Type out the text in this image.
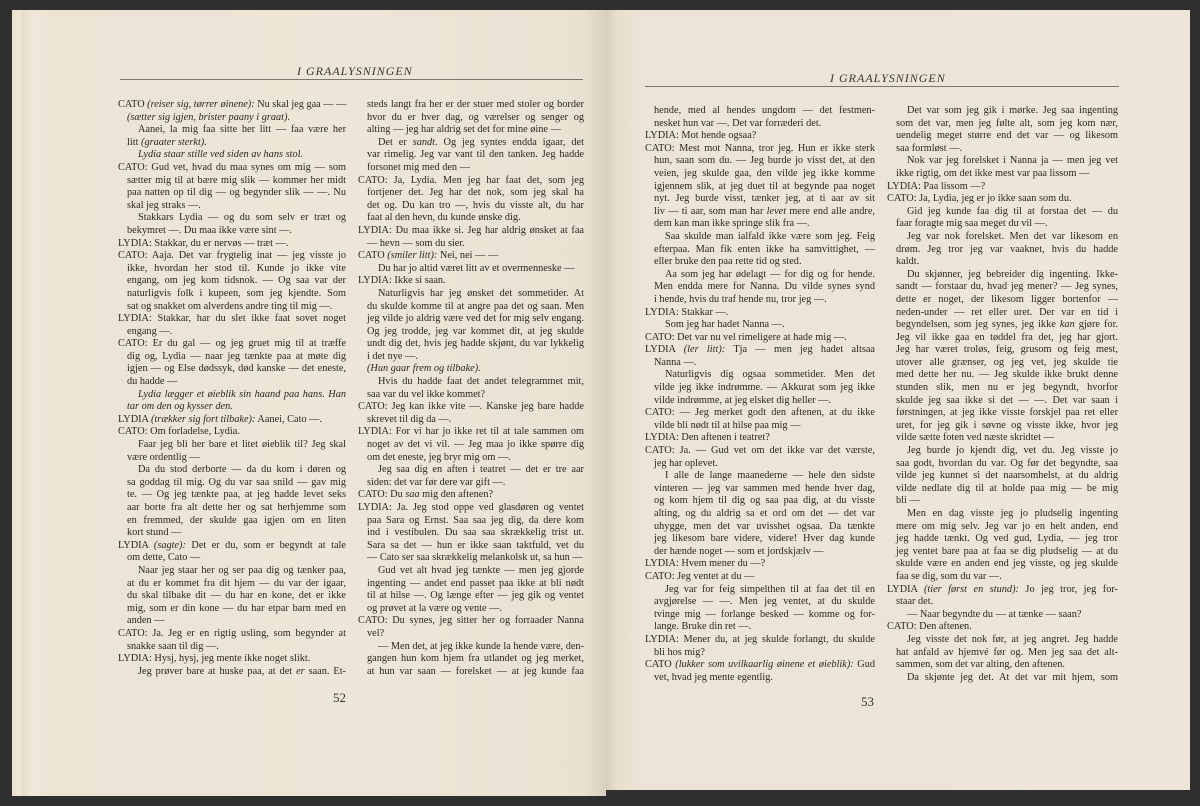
I GRAALYSNINGEN	I GRAALYSNINGEN
CATO (reiser sig, tørrer øinene): Nu skal jeg gaa — —
(sætter sig igjen, brister paany i graat).
Aanei, la mig faa sitte her litt — faa være her
litt (graater sterkt).
Lydia staar stille ved siden av hans stol.
CATO: Gud vet, hvad du maa synes om mig — som
sætter mig til at bære mig slik — kommer her midt
paa natten op til dig — og begynder slik — —. Nu
skal jeg straks —.
Stakkars Lydia — og du som selv er træt og
bekymret —. Du maa ikke være sint —.
LYDIA: Stakkar, du er nervøs — træt —.
CATO: Aaja. Det var frygtelig inat — jeg visste jo
ikke, hvordan her stod til. Kunde jo ikke vite
engang, om jeg kom tidsnok. — Og saa var der
naturligvis folk i kupeen, som jeg kjendte. Som
sat og snakket om alverdens andre ting til mig —.
LYDIA: Stakkar, har du slet ikke faat sovet noget
engang —.
CATO: Er du gal — og jeg gruet mig til at træffe
dig og, Lydia — naar jeg tænkte paa at møte dig
igjen — og Else dødssyk, død kanske — det eneste,
du hadde —
Lydia lægger et øieblik sin haand paa hans. Han
tar om den og kysser den.
LYDIA (trækker sig fort tilbake): Aanei, Cato —.
CATO: Om forladelse, Lydia.
Faar jeg bli her bare et litet øieblik til? Jeg skal
være ordentlig —
Da du stod derborte — da du kom i døren og
sa goddag til mig. Og du var saa snild — gav mig
te. — Og jeg tænkte paa, at jeg hadde levet seks
aar borte fra alt dette her og sat herhjemme som
en fremmed, der skulde gaa igjen om en liten
kort stund —
LYDIA (sagte): Det er du, som er begyndt at tale
om dette, Cato —
Naar jeg staar her og ser paa dig og tænker paa,
at du er kommet fra dit hjem — du var der igaar,
du skal tilbake dit — du har en kone, det er ikke
mig, som er din kone — du har etpar barn med en
anden —
CATO: Ja. Jeg er en rigtig usling, som begynder at
snakke saan til dig —.
LYDIA: Hysj, hysj, jeg mente ikke noget slikt.
Jeg prøver bare at huske paa, at det er saan. Et-
steds langt fra her er der stuer med stoler og border
hvor du er hver dag, og værelser og senger og
alting — jeg har aldrig set det for mine øine —
Det er sandt. Og jeg syntes endda igaar, det
var rimelig. Jeg var vant til den tanken. Jeg hadde
forsonet mig med den —
CATO: Ja, Lydia. Men jeg har faat det, som jeg
fortjener det. Jeg har det nok, som jeg skal ha
det og. Du kan tro —, hvis du visste alt, du har
faat al den hevn, du kunde ønske dig.
LYDIA: Du maa ikke si. Jeg har aldrig ønsket at faa
— hevn — som du sier.
CATO (smiler litt): Nei, nei — —
Du har jo altid været litt av et overmenneske —
LYDIA: Ikke si saan.
Naturligvis har jeg ønsket det sommetider. At
du skulde komme til at angre paa det og saan. Men
jeg vilde jo aldrig være ved det for mig selv engang.
Og jeg trodde, jeg var kommet dit, at jeg skulde
undt dig det, hvis jeg hadde skjønt, du var lykkelig
i det nye —.
(Hun gaar frem og tilbake).
Hvis du hadde faat det andet telegrammet mit,
saa var du vel ikke kommet?
CATO: Jeg kan ikke vite —. Kanske jeg bare hadde
skrevet til dig da —.
LYDIA: For vi har jo ikke ret til at tale sammen om
noget av det vi vil. — Jeg maa jo ikke spørre dig
om det eneste, jeg bryr mig om —.
Jeg saa dig en aften i teatret — det er tre aar
siden: det var før dere var gift —.
CATO: Du saa mig den aftenen?
LYDIA: Ja. Jeg stod oppe ved glasdøren og ventet
paa Sara og Ernst. Saa saa jeg dig, da dere kom
ind i vestibulen. Du saa saa skrækkelig trist ut.
Sara sa det — hun er ikke saan taktfuld, vet du
— Cato ser saa skrækkelig melankolsk ut, sa hun —
Gud vet alt hvad jeg tænkte — men jeg gjorde
ingenting — andet end passet paa ikke at bli nødt
til at hilse —. Og længe efter — jeg gik og ventet
og prøvet at la være og vente —.
CATO: Du synes, jeg sitter her og forraader Nanna
vel?
— Men det, at jeg ikke kunde la hende være, den-
gangen hun kom hjem fra utlandet og jeg merket,
at hun var saan — forelsket — at jeg kunde faa
hende, med al hendes ungdom — det festmen-
nesket hun var —. Det var forræderi det.
LYDIA: Mot hende ogsaa?
CATO: Mest mot Nanna, tror jeg. Hun er ikke sterk
hun, saan som du. — Jeg burde jo visst det, at den
veien, jeg skulde gaa, den vilde jeg ikke komme
igjennem slik, at jeg duet til at begynde paa noget
nyt. Jeg burde visst, tænker jeg, at ti aar av sit
liv — ti aar, som man har levet mere end alle andre,
dem kan man ikke springe slik fra —.
Saa skulde man ialfald ikke være som jeg. Feig
efterpaa. Man fik enten ikke ha samvittighet, —
eller bruke den paa rette tid og sted.
Aa som jeg har ødelagt — for dig og for hende.
Men endda mere for Nanna. Du vilde synes synd
i hende, hvis du traf hende nu, tror jeg —.
LYDIA: Stakkar —.
Som jeg har hadet Nanna —.
CATO: Det var nu vel rimeligere at hade mig —.
LYDIA (ler litt): Tja — men jeg hadet altsaa
Nanna —.
Naturligvis dig ogsaa sommetider. Men det
vilde jeg ikke indrømme. — Akkurat som jeg ikke
vilde indrømme, at jeg elsket dig heller —.
CATO: — Jeg merket godt den aftenen, at du ikke
vilde bli nødt til at hilse paa mig —
LYDIA: Den aftenen i teatret?
CATO: Ja. — Gud vet om det ikke var det værste,
jeg har oplevet.
I alle de lange maanederne — hele den sidste
vinteren — jeg var sammen med hende hver dag,
og kom hjem til dig og saa paa dig, at du visste
alting, og du aldrig sa et ord om det — det var
uhygge, men det var uvisshet ogsaa. Da tænkte
jeg likesom bare videre, videre! Hver dag kunde
der hænde noget — som et jordskjælv —
LYDIA: Hvem mener du —?
CATO: Jeg ventet at du —
Jeg var for feig simpelthen til at faa det til en
avgjørelse — —. Men jeg ventet, at du skulde
tvinge mig — forlange besked — komme og for-
lange. Bruke din ret —.
LYDIA: Mener du, at jeg skulde forlangt, du skulde
bli hos mig?
CATO (lukker som uvilkaarlig øinene et øieblik): Gud
vet, hvad jeg mente egentlig.
Det var som jeg gik i mørke. Jeg saa ingenting
som det var, men jeg følte alt, som jeg kom nær,
uendelig meget større end det var — og likesom
saa formløst —.
Nok var jeg forelsket i Nanna ja — men jeg vet
ikke rigtig, om det ikke mest var paa lissom —
LYDIA: Paa lissom —?
CATO: Ja, Lydia, jeg er jo ikke saan som du.
Gid jeg kunde faa dig til at forstaa det — du
faar foragte mig saa meget du vil —.
Jeg var nok forelsket. Men det var likesom en
drøm. Jeg tror jeg var vaaknet, hvis du hadde
kaldt.
Du skjønner, jeg bebreider dig ingenting. Ikke-
sandt — forstaar du, hvad jeg mener? — Jeg synes,
dette er noget, der likesom ligger bortenfor —
neden-under — ret eller uret. Der var en tid i
begyndelsen, som jeg synes, jeg ikke kan gjøre for.
Jeg vil ikke gaa en tøddel fra det, jeg har gjort.
Jeg har været troløs, feig, grusom og feig mest,
utover alle grænser, og jeg vet, jeg skulde tie
med dette her nu. — Jeg skulde ikke brukt denne
stunden slik, men nu er jeg begyndt, hvorfor
skulde jeg saa ikke si det — —. Det var saan i
førstningen, at jeg ikke visste forskjel paa ret eller
uret, for jeg gik i søvne og visste ikke, hvor jeg
vilde sætte foten ved næste skridtet —
Jeg burde jo kjendt dig, vet du. Jeg visste jo
saa godt, hvordan du var. Og før det begyndte, saa
vilde jeg kunnet si det naarsomhelst, at du aldrig
vilde nedlate dig til at holde paa mig — be mig
bli —
Men en dag visste jeg jo pludselig ingenting
mere om mig selv. Jeg var jo en helt anden, end
jeg hadde tænkt. Og ved gud, Lydia, — jeg tror
jeg ventet bare paa at faa se dig pludselig — at du
skulde være en anden end jeg visste, og jeg skulde
faa se dig, som du var —.
LYDIA (tier først en stund): Jo jeg tror, jeg for-
staar det.
— Naar begyndte du — at tænke — saan?
CATO: Den aftenen.
Jeg visste det nok før, at jeg angret. Jeg hadde
hat anfald av hjemvé før og. Men jeg saa det alt-
sammen, som det var alting, den aftenen.
Da skjønte jeg det. At det var mit hjem, som
52	53
